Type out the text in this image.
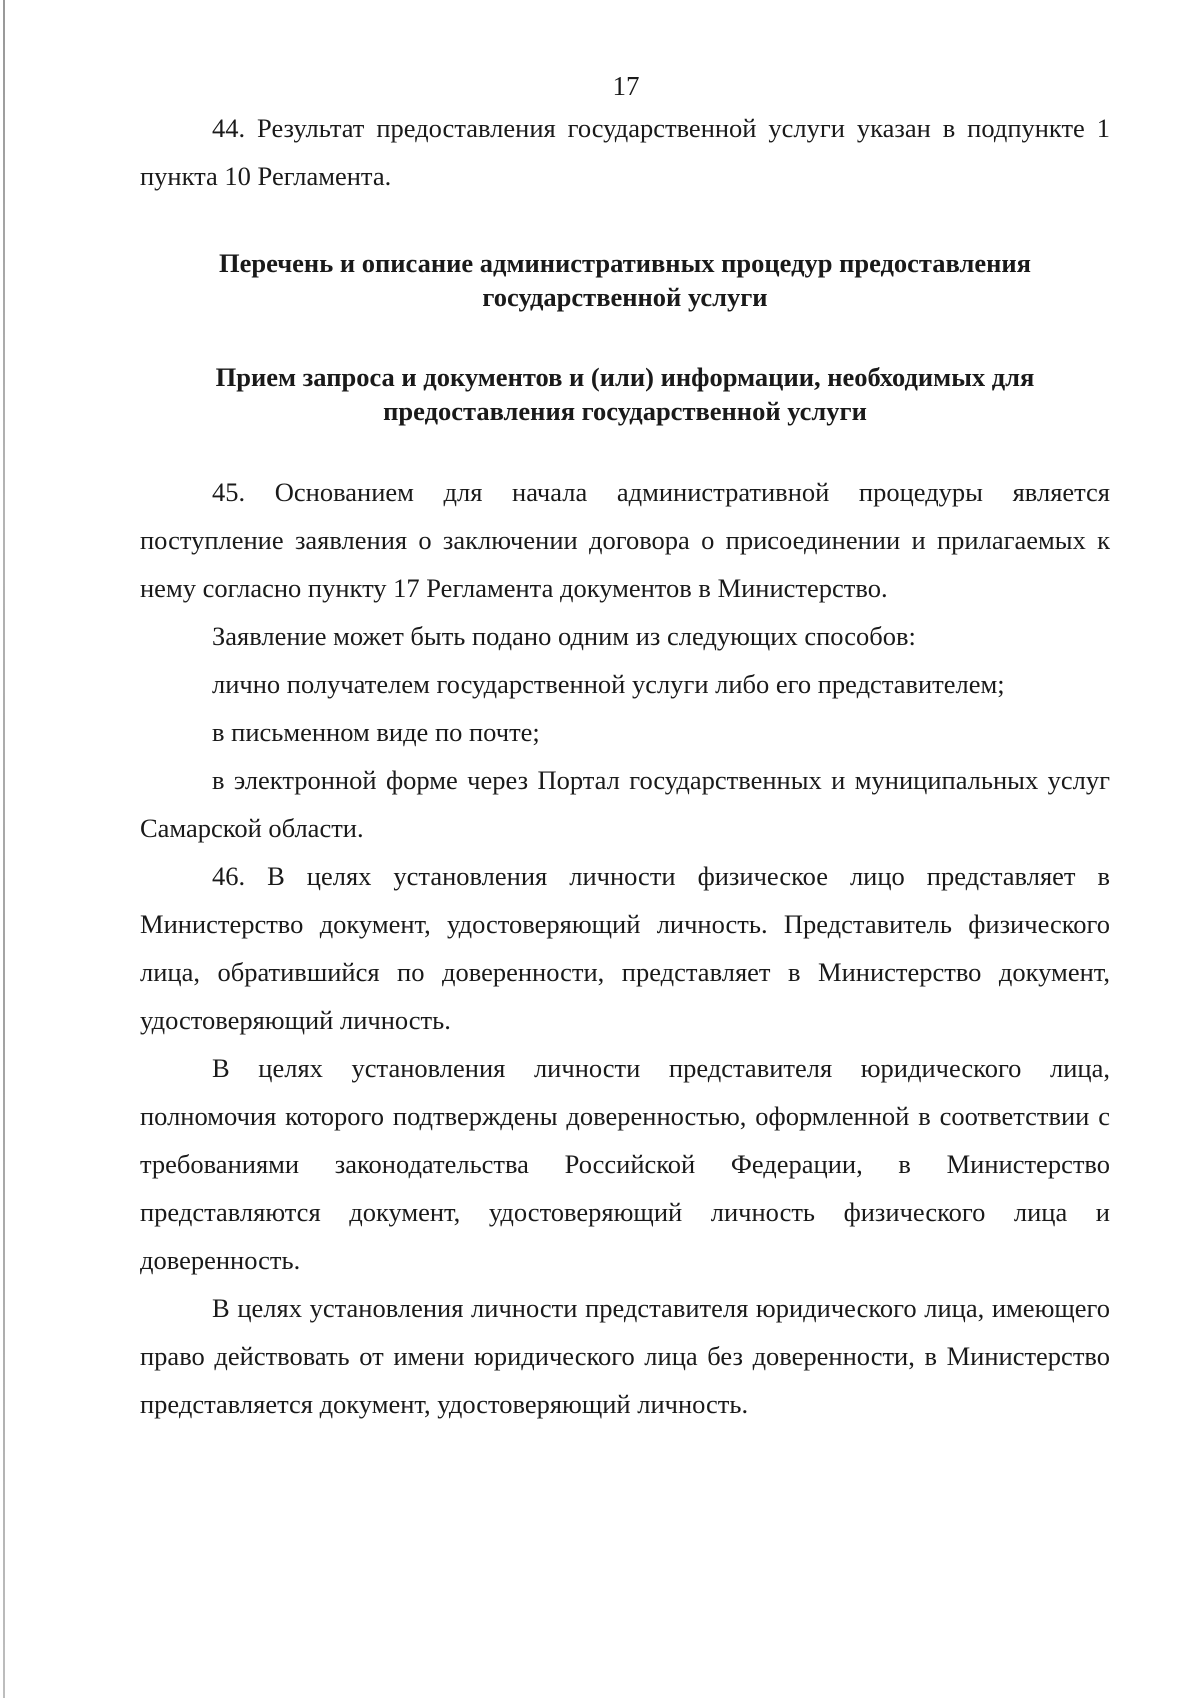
17

44. Результат предоставления государственной услуги указан в подпункте 1 пункта 10 Регламента.

Перечень и описание административных процедур предоставления государственной услуги
Прием запроса и документов и (или) информации, необходимых для предоставления государственной услуги

45. Основанием для начала административной процедуры является поступление заявления о заключении договора о присоединении и прилагаемых к нему согласно пункту 17 Регламента документов в Министерство.

Заявление может быть подано одним из следующих способов:

лично получателем государственной услуги либо его представителем;

в письменном виде по почте;

в электронной форме через Портал государственных и муниципальных услуг Самарской области.

46. В целях установления личности физическое лицо представляет в Министерство документ, удостоверяющий личность. Представитель физического лица, обратившийся по доверенности, представляет в Министерство документ, удостоверяющий личность.

В целях установления личности представителя юридического лица, полномочия которого подтверждены доверенностью, оформленной в соответствии с требованиями законодательства Российской Федерации, в Министерство представляются документ, удостоверяющий личность физического лица и доверенность.

В целях установления личности представителя юридического лица, имеющего право действовать от имени юридического лица без доверенности, в Министерство представляется документ, удостоверяющий личность.
